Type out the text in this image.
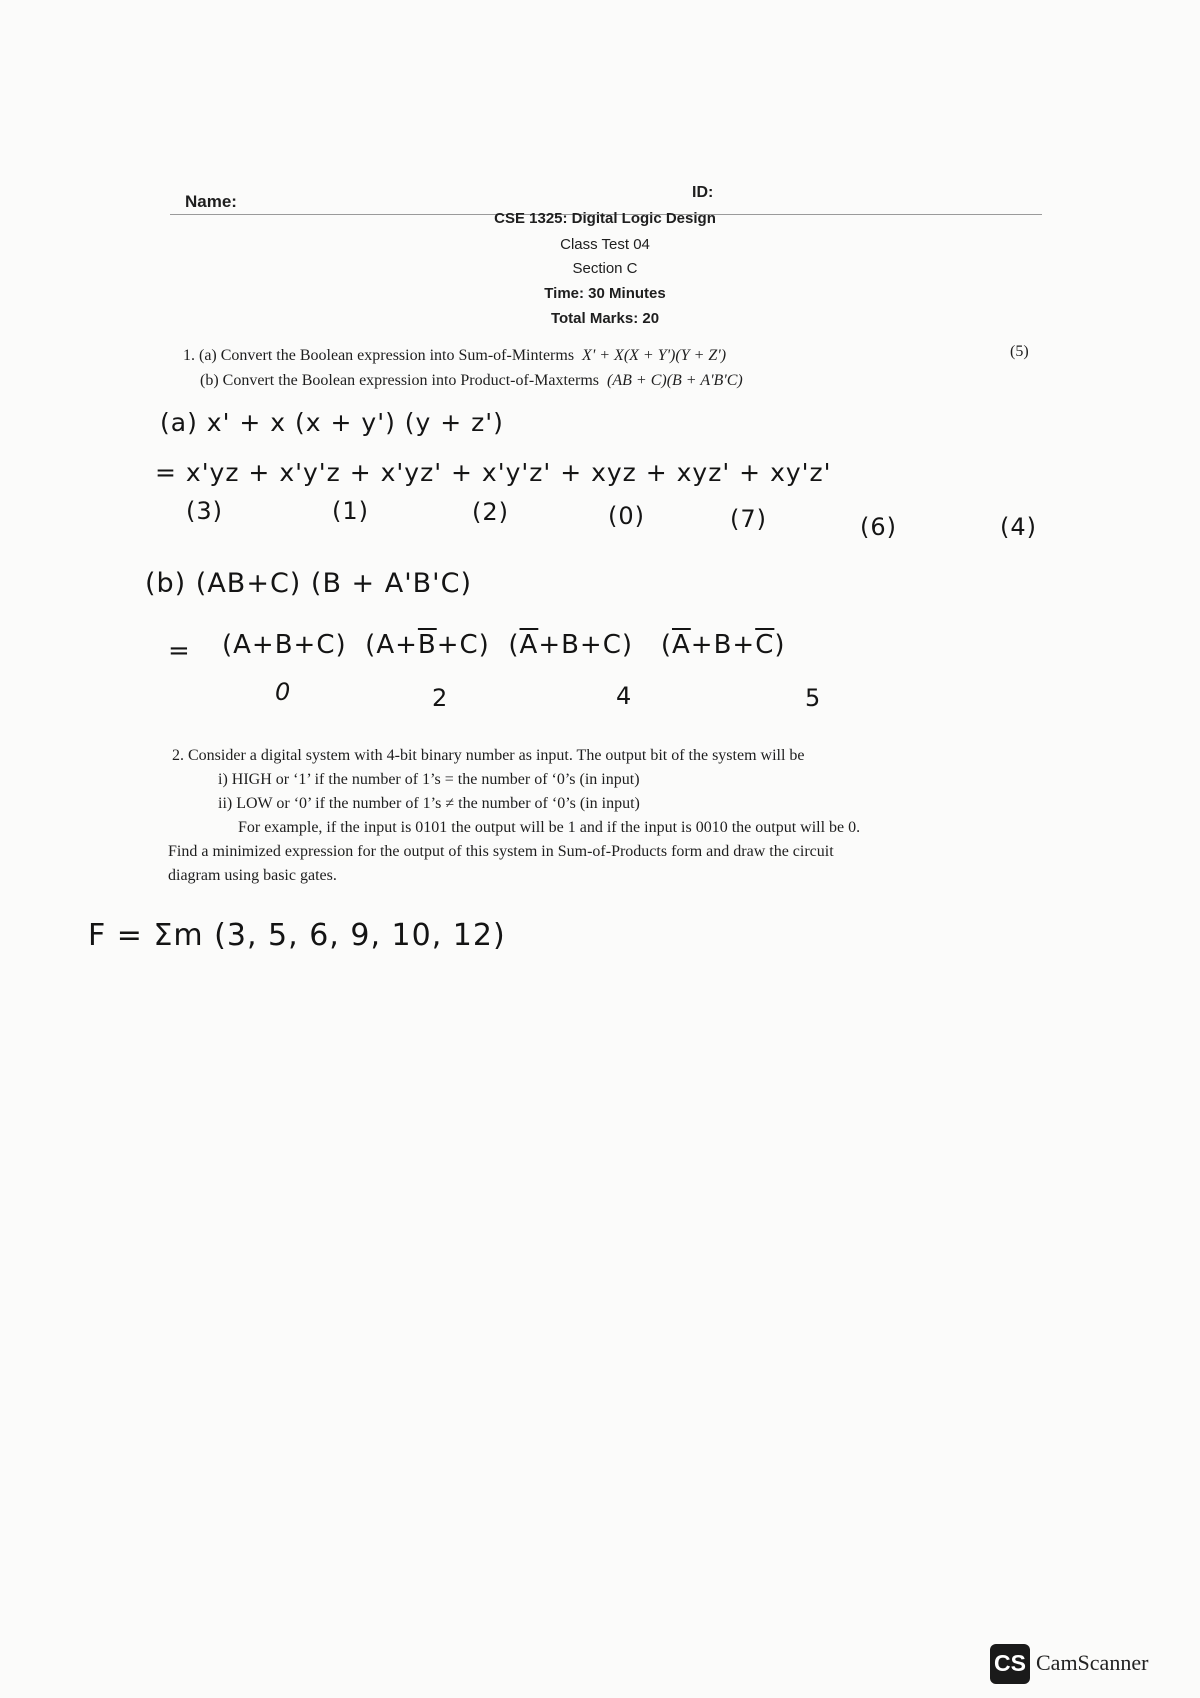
Name:	ID:
CSE 1325: Digital Logic Design
Class Test 04
Section C
Time: 30 Minutes
Total Marks: 20
1. (a) Convert the Boolean expression into Sum-of-Minterms X' + X(X + Y')(Y + Z')	(5)
(b) Convert the Boolean expression into Product-of-Maxterms (AB + C)(B + A'B'C)
(a) x' + x (x + y') (y + z')
= x'yz + x'y'z + x'yz' + x'y'z' + xyz + xyz' + xy'z'
(3)	(1)	(2)	(0)	(7)	(6)	(4)
(b) (AB+C) (B + A'B'C)
= (A+B+C) $(A+\overline{B}+C)$ $(\overline{A}+B+C)$ $(\overline{A}+B+\overline{C})$
0	2	4	5
2. Consider a digital system with 4-bit binary number as input. The output bit of the system will be
i) HIGH or ‘1’ if the number of 1’s = the number of ‘0’s (in input)
ii) LOW or ‘0’ if the number of 1’s ≠ the number of ‘0’s (in input)
For example, if the input is 0101 the output will be 1 and if the input is 0010 the output will be 0.
Find a minimized expression for the output of this system in Sum-of-Products form and draw the circuit
diagram using basic gates.
F = Σm (3, 5, 6, 9, 10, 12)
CS CamScanner
